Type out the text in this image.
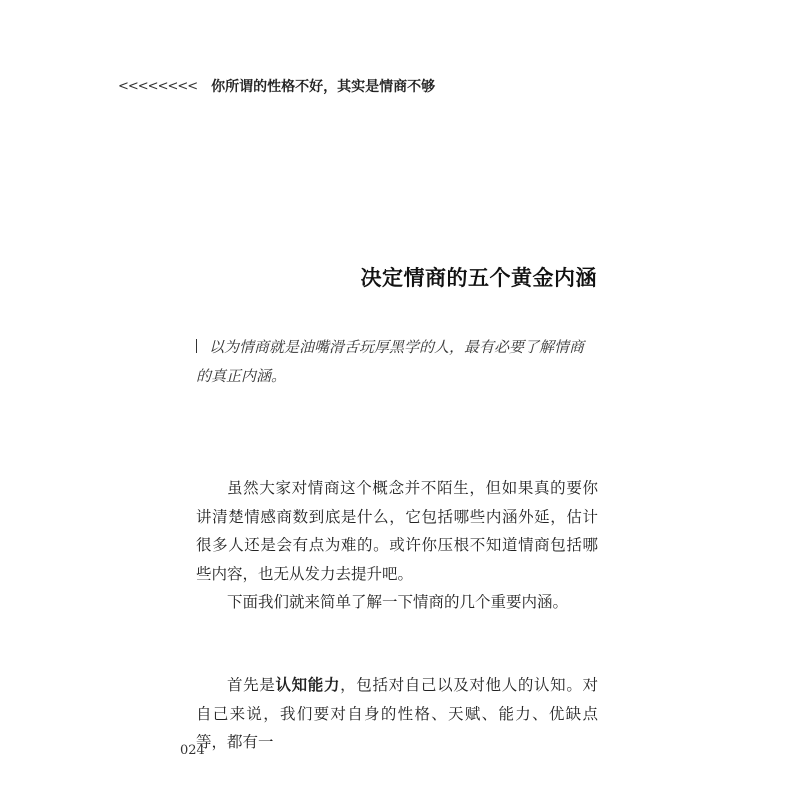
<<<<<<<< 你所谓的性格不好，其实是情商不够
决定情商的五个黄金内涵
以为情商就是油嘴滑舌玩厚黑学的人，最有必要了解情商的真正内涵。

虽然大家对情商这个概念并不陌生，但如果真的要你讲清楚情感商数到底是什么，它包括哪些内涵外延，估计很多人还是会有点为难的。或许你压根不知道情商包括哪些内容，也无从发力去提升吧。

下面我们就来简单了解一下情商的几个重要内涵。

首先是认知能力，包括对自己以及对他人的认知。对自己来说，我们要对自身的性格、天赋、能力、优缺点等，都有一

024
